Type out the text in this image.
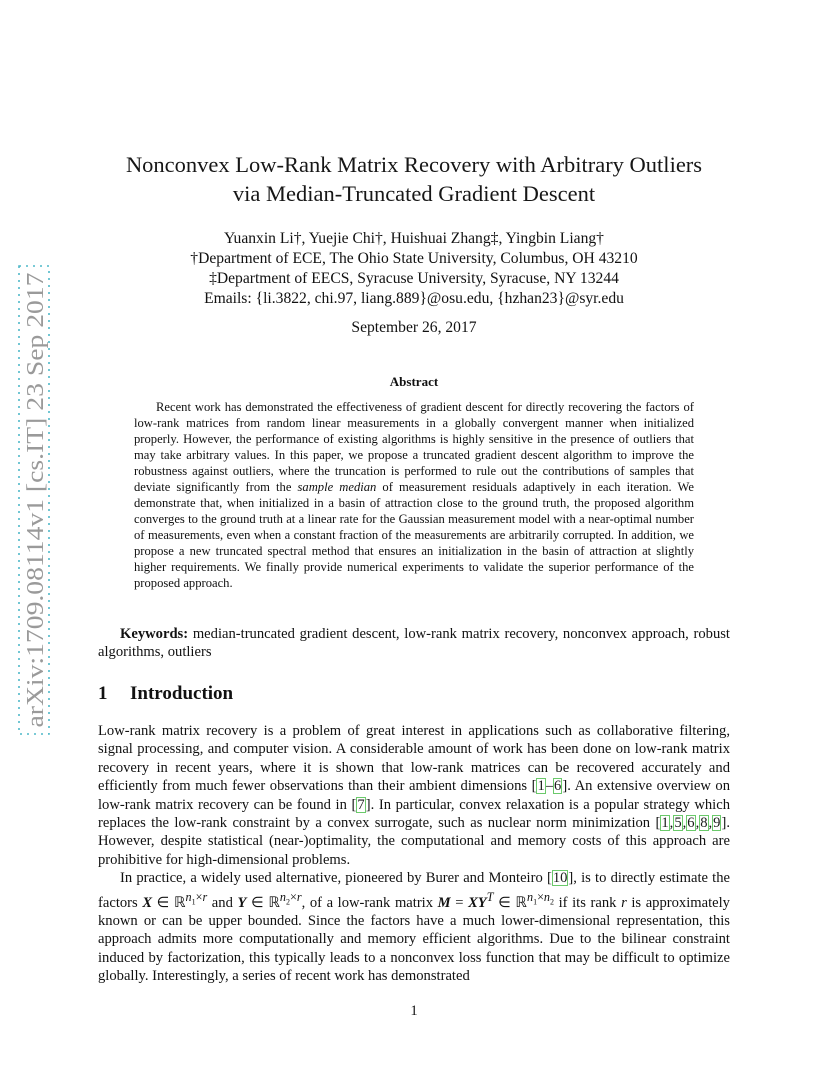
arXiv:1709.08114v1 [cs.IT] 23 Sep 2017
Nonconvex Low-Rank Matrix Recovery with Arbitrary Outliers
via Median-Truncated Gradient Descent
Yuanxin Li†, Yuejie Chi†, Huishuai Zhang‡, Yingbin Liang†
†Department of ECE, The Ohio State University, Columbus, OH 43210
‡Department of EECS, Syracuse University, Syracuse, NY 13244
Emails: {li.3822, chi.97, liang.889}@osu.edu, {hzhan23}@syr.edu
September 26, 2017
Abstract
Recent work has demonstrated the effectiveness of gradient descent for directly recovering the factors of low-rank matrices from random linear measurements in a globally convergent manner when initialized properly. However, the performance of existing algorithms is highly sensitive in the presence of outliers that may take arbitrary values. In this paper, we propose a truncated gradient descent algorithm to improve the robustness against outliers, where the truncation is performed to rule out the contributions of samples that deviate significantly from the sample median of measurement residuals adaptively in each iteration. We demonstrate that, when initialized in a basin of attraction close to the ground truth, the proposed algorithm converges to the ground truth at a linear rate for the Gaussian measurement model with a near-optimal number of measurements, even when a constant fraction of the measurements are arbitrarily corrupted. In addition, we propose a new truncated spectral method that ensures an initialization in the basin of attraction at slightly higher requirements. We finally provide numerical experiments to validate the superior performance of the proposed approach.
Keywords: median-truncated gradient descent, low-rank matrix recovery, nonconvex approach, robust algorithms, outliers
1 Introduction

Low-rank matrix recovery is a problem of great interest in applications such as collaborative filtering, signal processing, and computer vision. A considerable amount of work has been done on low-rank matrix recovery in recent years, where it is shown that low-rank matrices can be recovered accurately and efficiently from much fewer observations than their ambient dimensions [1–6]. An extensive overview on low-rank matrix recovery can be found in [7]. In particular, convex relaxation is a popular strategy which replaces the low-rank constraint by a convex surrogate, such as nuclear norm minimization [1,5,6,8,9]. However, despite statistical (near-)optimality, the computational and memory costs of this approach are prohibitive for high-dimensional problems.

In practice, a widely used alternative, pioneered by Burer and Monteiro [10], is to directly estimate the factors X ∈ ℝ$^{n_1\times r}$ and Y ∈ ℝ$^{n_2\times r}$, of a low-rank matrix $M = XY^T$ ∈ ℝ$^{n_1\times n_2}$ if its rank r is approximately known or can be upper bounded. Since the factors have a much lower-dimensional representation, this approach admits more computationally and memory efficient algorithms. Due to the bilinear constraint induced by factorization, this typically leads to a nonconvex loss function that may be difficult to optimize globally. Interestingly, a series of recent work has demonstrated

1
